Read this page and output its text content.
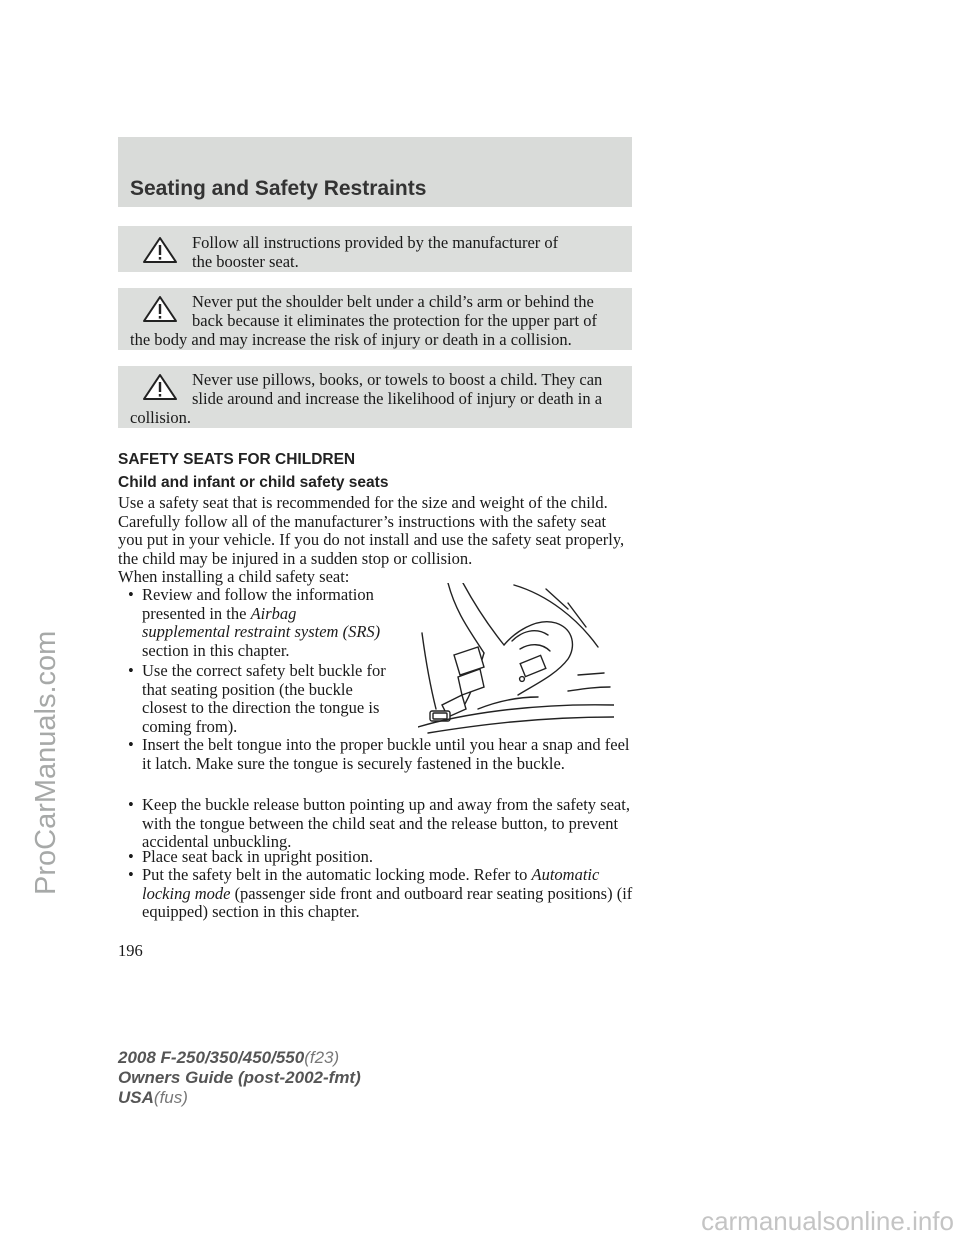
Seating and Safety Restraints
Follow all instructions provided by the manufacturer of the booster seat.
Never put the shoulder belt under a child’s arm or behind the back because it eliminates the protection for the upper part of the body and may increase the risk of injury or death in a collision.
Never use pillows, books, or towels to boost a child. They can slide around and increase the likelihood of injury or death in a collision.
SAFETY SEATS FOR CHILDREN
Child and infant or child safety seats
Use a safety seat that is recommended for the size and weight of the child. Carefully follow all of the manufacturer’s instructions with the safety seat you put in your vehicle. If you do not install and use the safety seat properly, the child may be injured in a sudden stop or collision.
When installing a child safety seat:
• Review and follow the information presented in the Airbag supplemental restraint system (SRS) section in this chapter.
• Use the correct safety belt buckle for that seating position (the buckle closest to the direction the tongue is coming from).
• Insert the belt tongue into the proper buckle until you hear a snap and feel it latch. Make sure the tongue is securely fastened in the buckle.
• Keep the buckle release button pointing up and away from the safety seat, with the tongue between the child seat and the release button, to prevent accidental unbuckling.
• Place seat back in upright position.
• Put the safety belt in the automatic locking mode. Refer to Automatic locking mode (passenger side front and outboard rear seating positions) (if equipped) section in this chapter.
196
2008 F-250/350/450/550(f23)
Owners Guide (post-2002-fmt)
USA(fus)
ProCarManuals.com
carmanualsonline.info
